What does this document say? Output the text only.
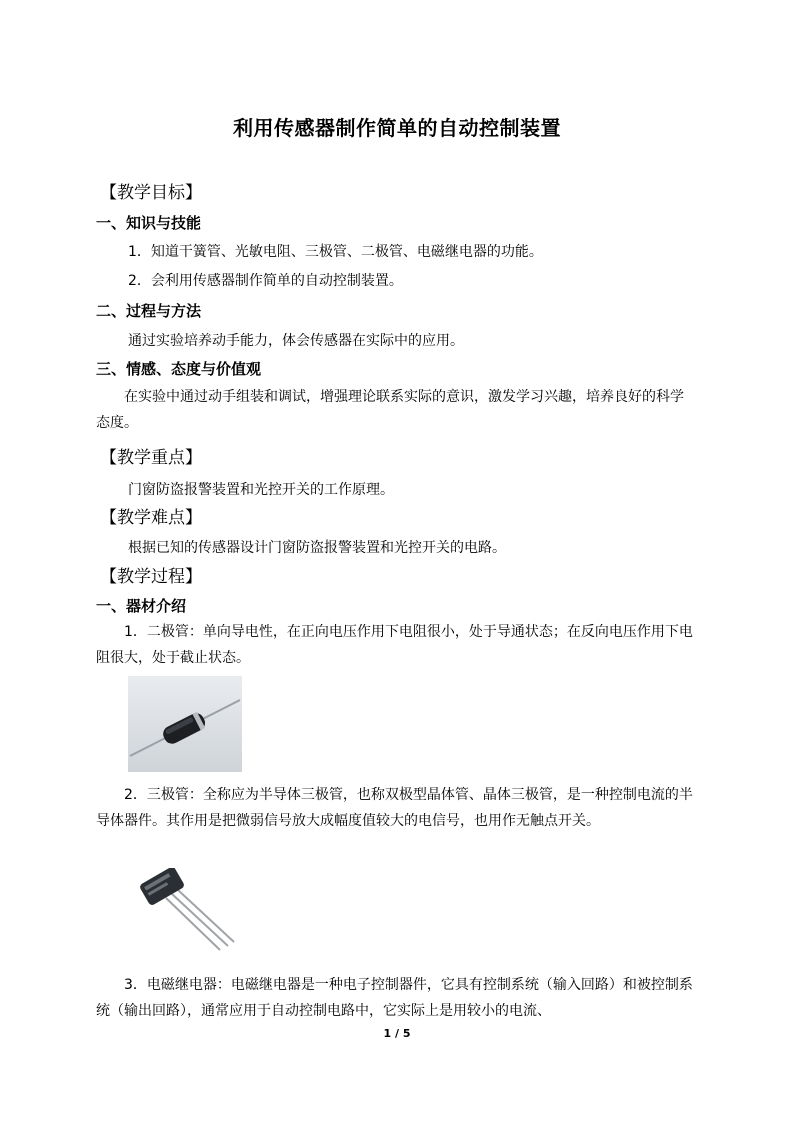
利用传感器制作简单的自动控制装置
【教学目标】
一、知识与技能
1．知道干簧管、光敏电阻、三极管、二极管、电磁继电器的功能。
2．会利用传感器制作简单的自动控制装置。
二、过程与方法
通过实验培养动手能力，体会传感器在实际中的应用。
三、情感、态度与价值观
在实验中通过动手组装和调试，增强理论联系实际的意识，激发学习兴趣，培养良好的科学态度。
【教学重点】
门窗防盗报警装置和光控开关的工作原理。
【教学难点】
根据已知的传感器设计门窗防盗报警装置和光控开关的电路。
【教学过程】
一、器材介绍
1．二极管：单向导电性，在正向电压作用下电阻很小，处于导通状态；在反向电压作用下电阻很大，处于截止状态。
2．三极管：全称应为半导体三极管，也称双极型晶体管、晶体三极管，是一种控制电流的半导体器件。其作用是把微弱信号放大成幅度值较大的电信号，也用作无触点开关。
3．电磁继电器：电磁继电器是一种电子控制器件，它具有控制系统（输入回路）和被控制系统（输出回路），通常应用于自动控制电路中，它实际上是用较小的电流、
1 / 5
